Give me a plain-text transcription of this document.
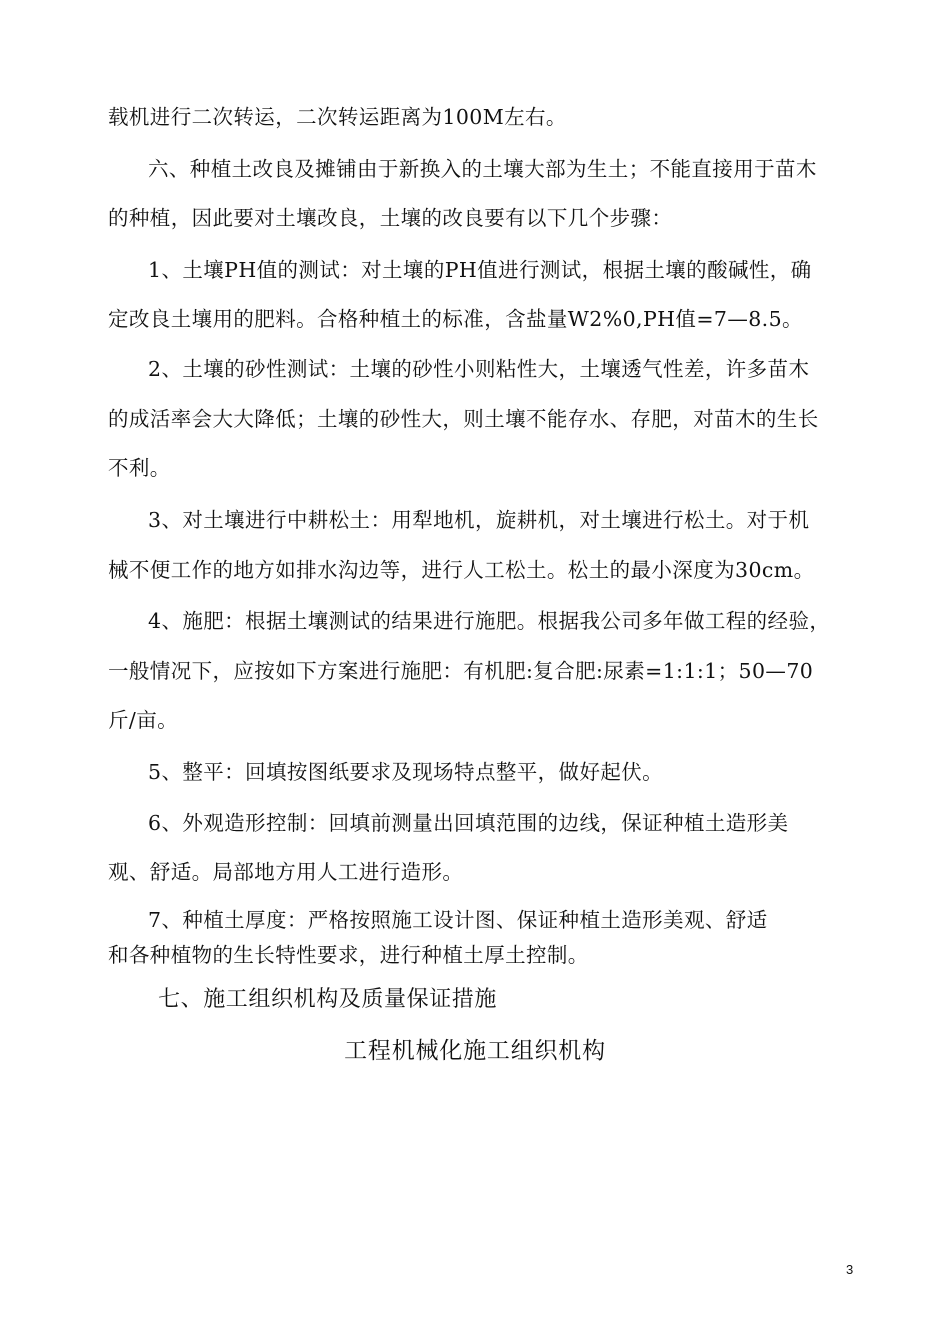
载机进行二次转运，二次转运距离为100M左右。
六、种植土改良及摊铺由于新换入的土壤大部为生土；不能直接用于苗木
的种植，因此要对土壤改良，土壤的改良要有以下几个步骤：
1、土壤PH值的测试：对土壤的PH值进行测试，根据土壤的酸碱性，确
定改良土壤用的肥料。合格种植土的标准，含盐量W2%0,PH值=7—8.5。
2、土壤的砂性测试：土壤的砂性小则粘性大，土壤透气性差，许多苗木
的成活率会大大降低；土壤的砂性大，则土壤不能存水、存肥，对苗木的生长
不利。
3、对土壤进行中耕松土：用犁地机，旋耕机，对土壤进行松土。对于机
械不便工作的地方如排水沟边等，进行人工松土。松土的最小深度为30cm。
4、施肥：根据土壤测试的结果进行施肥。根据我公司多年做工程的经验，
一般情况下，应按如下方案进行施肥：有机肥:复合肥:尿素=1:1:1；50—70
斤/亩。
5、整平：回填按图纸要求及现场特点整平，做好起伏。
6、外观造形控制：回填前测量出回填范围的边线，保证种植土造形美
观、舒适。局部地方用人工进行造形。
7、种植土厚度：严格按照施工设计图、保证种植土造形美观、舒适
和各种植物的生长特性要求，进行种植土厚土控制。
七、施工组织机构及质量保证措施
工程机械化施工组织机构
3
